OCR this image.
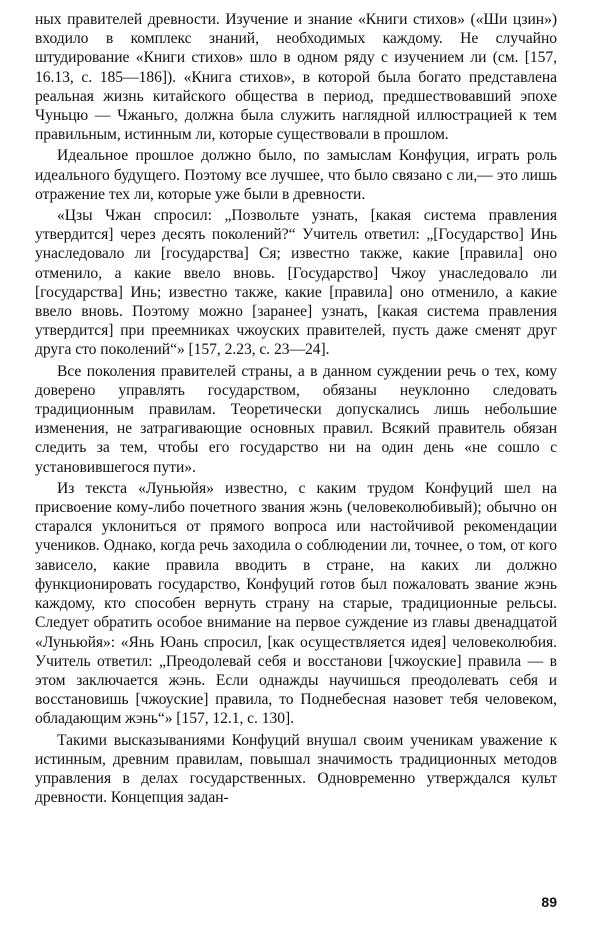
ных правителей древности. Изучение и знание «Книги стихов» («Ши цзин») входило в комплекс знаний, необходимых каждому. Не случайно штудирование «Книги стихов» шло в одном ряду с изучением ли (см. [157, 16.13, с. 185—186]). «Книга стихов», в которой была богато представлена реальная жизнь китайского общества в период, предшествовавший эпохе Чуньцю — Чжаньго, должна была служить наглядной иллюстрацией к тем правильным, истинным ли, которые существовали в прошлом.

Идеальное прошлое должно было, по замыслам Конфуция, играть роль идеального будущего. Поэтому все лучшее, что было связано с ли,— это лишь отражение тех ли, которые уже были в древности.

«Цзы Чжан спросил: „Позвольте узнать, [какая система правления утвердится] через десять поколений?“ Учитель ответил: „[Государство] Инь унаследовало ли [государства] Ся; известно также, какие [правила] оно отменило, а какие ввело вновь. [Государство] Чжоу унаследовало ли [государства] Инь; известно также, какие [правила] оно отменило, а какие ввело вновь. Поэтому можно [заранее] узнать, [какая система правления утвердится] при преемниках чжоуских правителей, пусть даже сменят друг друга сто поколений“» [157, 2.23, с. 23—24].

Все поколения правителей страны, а в данном суждении речь о тех, кому доверено управлять государством, обязаны неуклонно следовать традиционным правилам. Теоретически допускались лишь небольшие изменения, не затрагивающие основных правил. Всякий правитель обязан следить за тем, чтобы его государство ни на один день «не сошло с установившегося пути».

Из текста «Луньюйя» известно, с каким трудом Конфуций шел на присвоение кому-либо почетного звания жэнь (человеколюбивый); обычно он старался уклониться от прямого вопроса или настойчивой рекомендации учеников. Однако, когда речь заходила о соблюдении ли, точнее, о том, от кого зависело, какие правила вводить в стране, на каких ли должно функционировать государство, Конфуций готов был пожаловать звание жэнь каждому, кто способен вернуть страну на старые, традиционные рельсы. Следует обратить особое внимание на первое суждение из главы двенадцатой «Луньюйя»: «Янь Юань спросил, [как осуществляется идея] человеколюбия. Учитель ответил: „Преодолевай себя и восстанови [чжоуские] правила — в этом заключается жэнь. Если однажды научишься преодолевать себя и восстановишь [чжоуские] правила, то Поднебесная назовет тебя человеком, обладающим жэнь“» [157, 12.1, с. 130].

Такими высказываниями Конфуций внушал своим ученикам уважение к истинным, древним правилам, повышал значимость традиционных методов управления в делах государственных. Одновременно утверждался культ древности. Концепция задан-

89
